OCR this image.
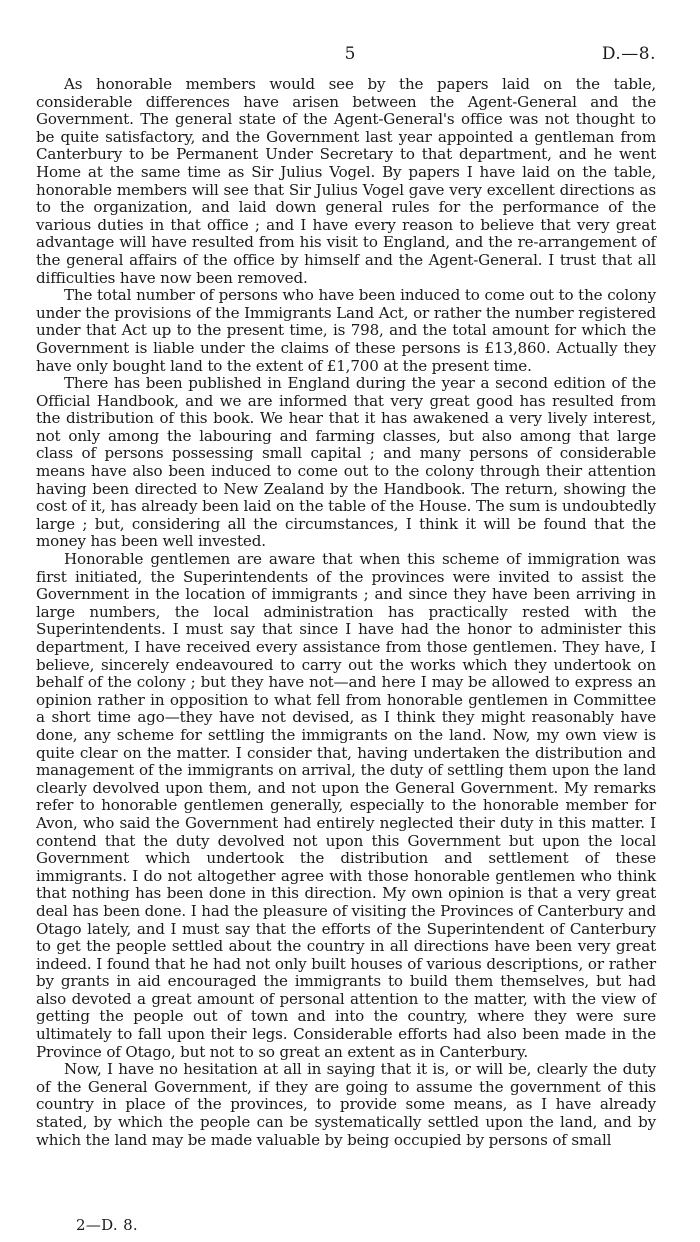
5	D.—8.

As honorable members would see by the papers laid on the table, considerable differences have arisen between the Agent-General and the Government. The general state of the Agent-General's office was not thought to be quite satisfactory, and the Government last year appointed a gentleman from Canterbury to be Permanent Under Secretary to that department, and he went Home at the same time as Sir Julius Vogel. By papers I have laid on the table, honorable members will see that Sir Julius Vogel gave very excellent directions as to the organization, and laid down general rules for the performance of the various duties in that office ; and I have every reason to believe that very great advantage will have resulted from his visit to England, and the re-arrangement of the general affairs of the office by himself and the Agent-General. I trust that all difficulties have now been removed.

The total number of persons who have been induced to come out to the colony under the provisions of the Immigrants Land Act, or rather the number registered under that Act up to the present time, is 798, and the total amount for which the Government is liable under the claims of these persons is £13,860. Actually they have only bought land to the extent of £1,700 at the present time.

There has been published in England during the year a second edition of the Official Handbook, and we are informed that very great good has resulted from the distribution of this book. We hear that it has awakened a very lively interest, not only among the labouring and farming classes, but also among that large class of persons possessing small capital ; and many persons of considerable means have also been induced to come out to the colony through their attention having been directed to New Zealand by the Handbook. The return, showing the cost of it, has already been laid on the table of the House. The sum is undoubtedly large ; but, considering all the circumstances, I think it will be found that the money has been well invested.

Honorable gentlemen are aware that when this scheme of immigration was first initiated, the Superintendents of the provinces were invited to assist the Government in the location of immigrants ; and since they have been arriving in large numbers, the local administration has practically rested with the Superintendents. I must say that since I have had the honor to administer this department, I have received every assistance from those gentlemen. They have, I believe, sincerely endeavoured to carry out the works which they undertook on behalf of the colony ; but they have not—and here I may be allowed to express an opinion rather in opposition to what fell from honorable gentlemen in Committee a short time ago—they have not devised, as I think they might reasonably have done, any scheme for settling the immigrants on the land. Now, my own view is quite clear on the matter. I consider that, having undertaken the distribution and management of the immigrants on arrival, the duty of settling them upon the land clearly devolved upon them, and not upon the General Government. My remarks refer to honorable gentlemen generally, especially to the honorable member for Avon, who said the Government had entirely neglected their duty in this matter. I contend that the duty devolved not upon this Government but upon the local Government which undertook the distribution and settlement of these immigrants. I do not altogether agree with those honorable gentlemen who think that nothing has been done in this direction. My own opinion is that a very great deal has been done. I had the pleasure of visiting the Provinces of Canterbury and Otago lately, and I must say that the efforts of the Superintendent of Canterbury to get the people settled about the country in all directions have been very great indeed. I found that he had not only built houses of various descriptions, or rather by grants in aid encouraged the immigrants to build them themselves, but had also devoted a great amount of personal attention to the matter, with the view of getting the people out of town and into the country, where they were sure ultimately to fall upon their legs. Considerable efforts had also been made in the Province of Otago, but not to so great an extent as in Canterbury.

Now, I have no hesitation at all in saying that it is, or will be, clearly the duty of the General Government, if they are going to assume the government of this country in place of the provinces, to provide some means, as I have already stated, by which the people can be systematically settled upon the land, and by which the land may be made valuable by being occupied by persons of small

2—D. 8.
